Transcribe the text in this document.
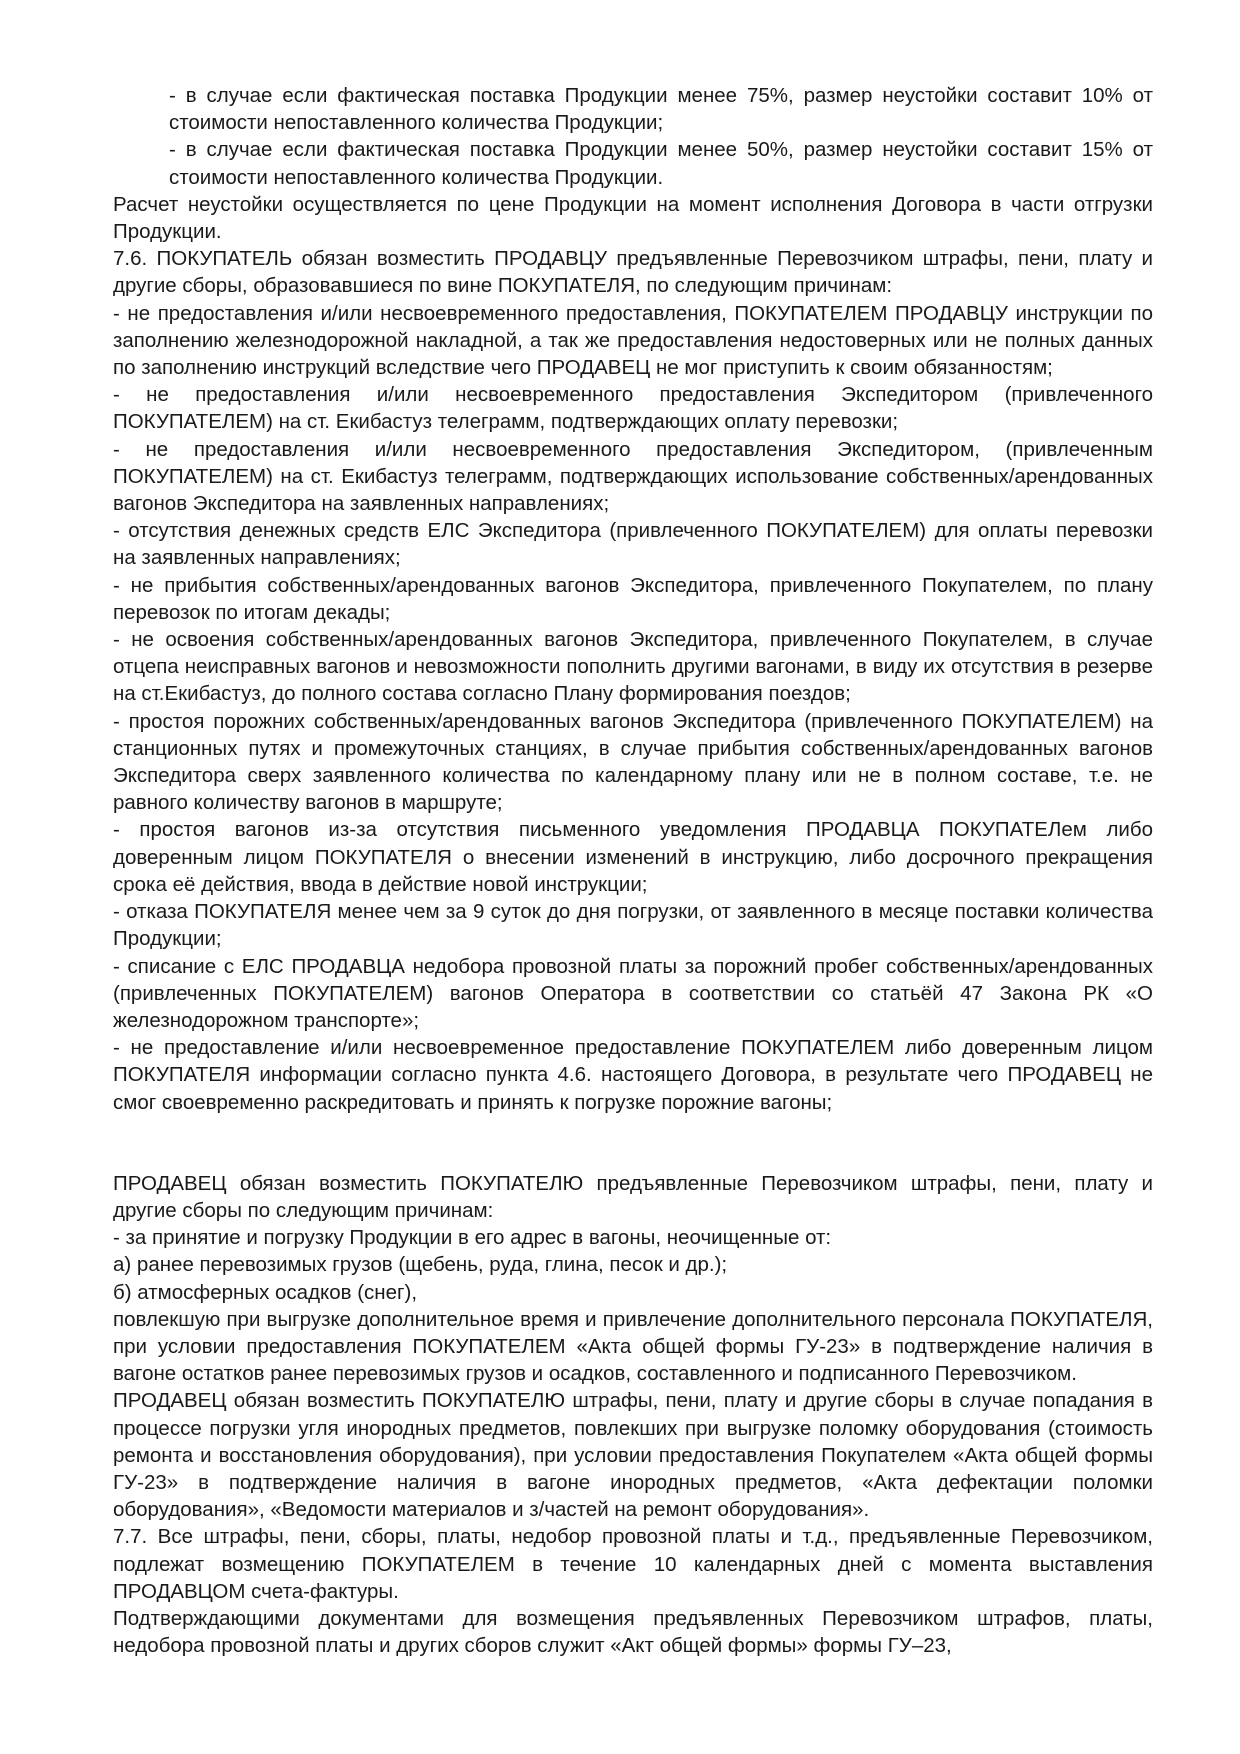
- в случае если фактическая поставка Продукции менее 75%, размер неустойки составит 10% от стоимости непоставленного количества Продукции;

- в случае если фактическая поставка Продукции менее 50%, размер неустойки составит 15% от стоимости непоставленного количества Продукции.

Расчет неустойки осуществляется по цене Продукции на момент исполнения Договора в части отгрузки Продукции.

7.6. ПОКУПАТЕЛЬ обязан возместить ПРОДАВЦУ предъявленные Перевозчиком штрафы, пени, плату и другие сборы, образовавшиеся по вине ПОКУПАТЕЛЯ, по следующим причинам:

- не предоставления и/или несвоевременного предоставления, ПОКУПАТЕЛЕМ ПРОДАВЦУ инструкции по заполнению железнодорожной накладной, а так же предоставления недостоверных или не полных данных по заполнению инструкций вследствие чего ПРОДАВЕЦ не мог приступить к своим обязанностям;

- не предоставления и/или несвоевременного предоставления Экспедитором (привлеченного ПОКУПАТЕЛЕМ) на ст. Екибастуз телеграмм, подтверждающих оплату перевозки;

- не предоставления и/или несвоевременного предоставления Экспедитором, (привлеченным ПОКУПАТЕЛЕМ) на ст. Екибастуз телеграмм, подтверждающих использование собственных/арендованных вагонов Экспедитора на заявленных направлениях;

- отсутствия денежных средств ЕЛС Экспедитора (привлеченного ПОКУПАТЕЛЕМ) для оплаты перевозки на заявленных направлениях;

- не прибытия собственных/арендованных вагонов Экспедитора, привлеченного Покупателем, по плану перевозок по итогам декады;

- не освоения собственных/арендованных вагонов Экспедитора, привлеченного Покупателем, в случае отцепа неисправных вагонов и невозможности пополнить другими вагонами, в виду их отсутствия в резерве на ст.Екибастуз, до полного состава согласно Плану формирования поездов;

- простоя порожних собственных/арендованных вагонов Экспедитора (привлеченного ПОКУПАТЕЛЕМ) на станционных путях и промежуточных станциях, в случае прибытия собственных/арендованных вагонов Экспедитора сверх заявленного количества по календарному плану или не в полном составе, т.е. не равного количеству вагонов в маршруте;

- простоя вагонов из-за отсутствия письменного уведомления ПРОДАВЦА ПОКУПАТЕЛем либо доверенным лицом ПОКУПАТЕЛЯ о внесении изменений в инструкцию, либо досрочного прекращения срока её действия, ввода в действие новой инструкции;

- отказа ПОКУПАТЕЛЯ менее чем за 9 суток до дня погрузки, от заявленного в месяце поставки количества Продукции;

- списание с ЕЛС ПРОДАВЦА недобора провозной платы за порожний пробег собственных/арендованных (привлеченных ПОКУПАТЕЛЕМ) вагонов Оператора в соответствии со статьёй 47 Закона РК «О железнодорожном транспорте»;

- не предоставление и/или несвоевременное предоставление ПОКУПАТЕЛЕМ либо доверенным лицом ПОКУПАТЕЛЯ информации согласно пункта 4.6. настоящего Договора, в результате чего ПРОДАВЕЦ не смог своевременно раскредитовать и принять к погрузке порожние вагоны;

ПРОДАВЕЦ обязан возместить ПОКУПАТЕЛЮ предъявленные Перевозчиком штрафы, пени, плату и другие сборы по следующим причинам:

- за принятие и погрузку Продукции в его адрес в вагоны, неочищенные от:

а) ранее перевозимых грузов (щебень, руда, глина, песок и др.);

б) атмосферных осадков (снег),

повлекшую при выгрузке дополнительное время и привлечение дополнительного персонала ПОКУПАТЕЛЯ, при условии предоставления ПОКУПАТЕЛЕМ «Акта общей формы ГУ-23» в подтверждение наличия в вагоне остатков ранее перевозимых грузов и осадков, составленного и подписанного Перевозчиком.

ПРОДАВЕЦ обязан возместить ПОКУПАТЕЛЮ штрафы, пени, плату и другие сборы в случае попадания в процессе погрузки угля инородных предметов, повлекших при выгрузке поломку оборудования (стоимость ремонта и восстановления оборудования), при условии предоставления Покупателем «Акта общей формы ГУ-23» в подтверждение наличия в вагоне инородных предметов, «Акта дефектации поломки оборудования», «Ведомости материалов и з/частей на ремонт оборудования».

7.7. Все штрафы, пени, сборы, платы, недобор провозной платы и т.д., предъявленные Перевозчиком, подлежат возмещению ПОКУПАТЕЛЕМ в течение 10 календарных дней с момента выставления ПРОДАВЦОМ счета-фактуры.

Подтверждающими документами для возмещения предъявленных Перевозчиком штрафов, платы, недобора провозной платы и других сборов служит «Акт общей формы» формы ГУ–23,
